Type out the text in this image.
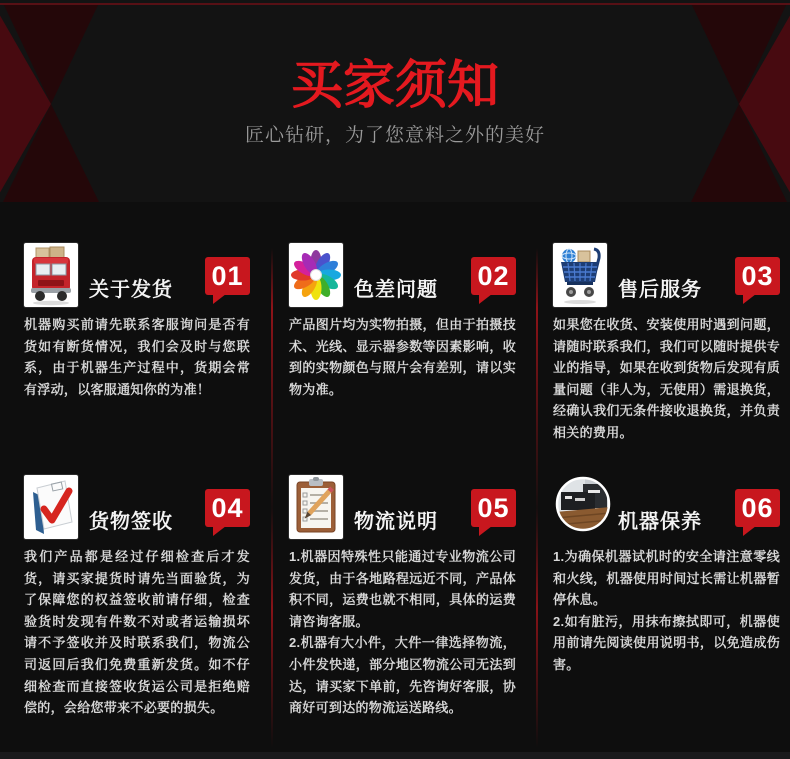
买家须知

匠心钻研，为了您意料之外的美好

关于发货 01

机器购买前请先联系客服询问是否有货如有断货情况，我们会及时与您联系，由于机器生产过程中，货期会常有浮动，以客服通知你的为准！

色差问题 02

产品图片均为实物拍摄，但由于拍摄技术、光线、显示器参数等因素影响，收到的实物颜色与照片会有差别，请以实物为准。

售后服务 03

如果您在收货、安装使用时遇到问题，请随时联系我们，我们可以随时提供专业的指导，如果在收到货物后发现有质量问题（非人为，无使用）需退换货，经确认我们无条件接收退换货，并负责相关的费用。

货物签收 04

我们产品都是经过仔细检查后才发货，请买家提货时请先当面验货，为了保障您的权益签收前请仔细，检查验货时发现有件数不对或者运输损坏请不予签收并及时联系我们，物流公司返回后我们免费重新发货。如不仔细检查而直接签收货运公司是拒绝赔偿的，会给您带来不必要的损失。

物流说明 05

1.机器因特殊性只能通过专业物流公司发货，由于各地路程远近不同，产品体积不同，运费也就不相同，具体的运费请咨询客服。

2.机器有大小件，大件一律选择物流，小件发快递，部分地区物流公司无法到达，请买家下单前，先咨询好客服，协商好可到达的物流运送路线。

机器保养 06

1.为确保机器试机时的安全请注意零线和火线，机器使用时间过长需让机器暂停休息。

2.如有脏污，用抹布擦拭即可，机器使用前请先阅读使用说明书，以免造成伤害。
